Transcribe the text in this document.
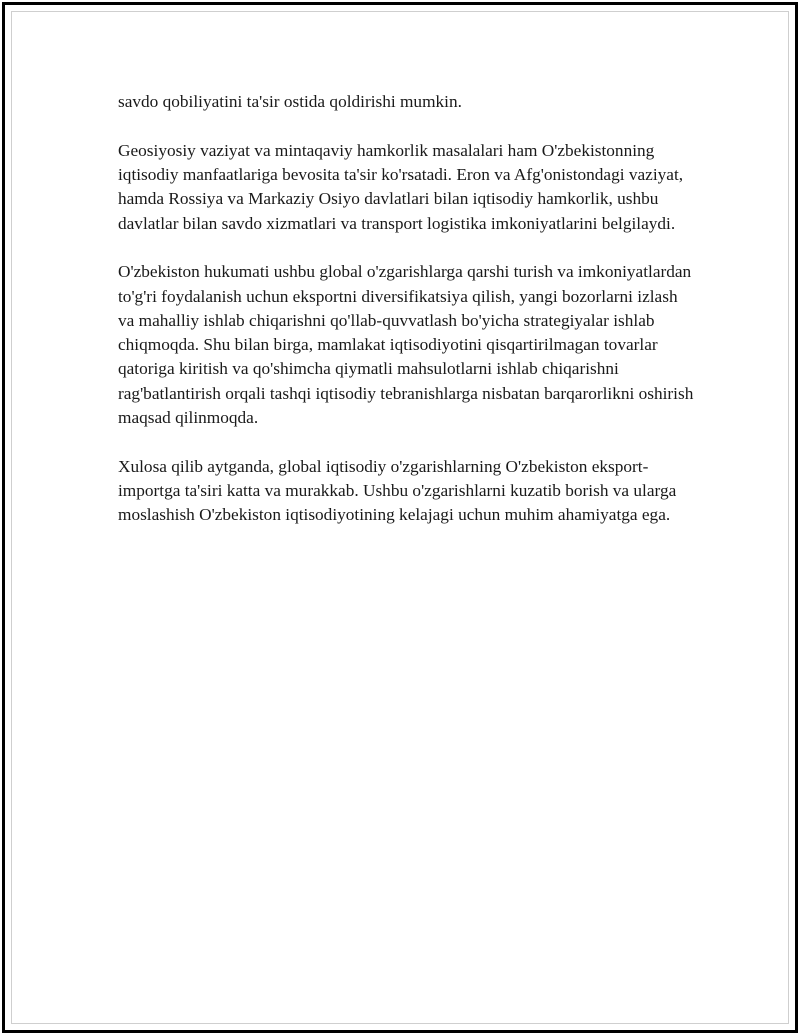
savdo qobiliyatini ta'sir ostida qoldirishi mumkin.

Geosiyosiy vaziyat va mintaqaviy hamkorlik masalalari ham O'zbekistonning iqtisodiy manfaatlariga bevosita ta'sir ko'rsatadi. Eron va Afg'onistondagi vaziyat, hamda Rossiya va Markaziy Osiyo davlatlari bilan iqtisodiy hamkorlik, ushbu davlatlar bilan savdo xizmatlari va transport logistika imkoniyatlarini belgilaydi.

O'zbekiston hukumati ushbu global o'zgarishlarga qarshi turish va imkoniyatlardan to'g'ri foydalanish uchun eksportni diversifikatsiya qilish, yangi bozorlarni izlash va mahalliy ishlab chiqarishni qo'llab-quvvatlash bo'yicha strategiyalar ishlab chiqmoqda. Shu bilan birga, mamlakat iqtisodiyotini qisqartirilmagan tovarlar qatoriga kiritish va qo'shimcha qiymatli mahsulotlarni ishlab chiqarishni rag'batlantirish orqali tashqi iqtisodiy tebranishlarga nisbatan barqarorlikni oshirish maqsad qilinmoqda.

Xulosa qilib aytganda, global iqtisodiy o'zgarishlarning O'zbekiston eksport-importga ta'siri katta va murakkab. Ushbu o'zgarishlarni kuzatib borish va ularga moslashish O'zbekiston iqtisodiyotining kelajagi uchun muhim ahamiyatga ega.
